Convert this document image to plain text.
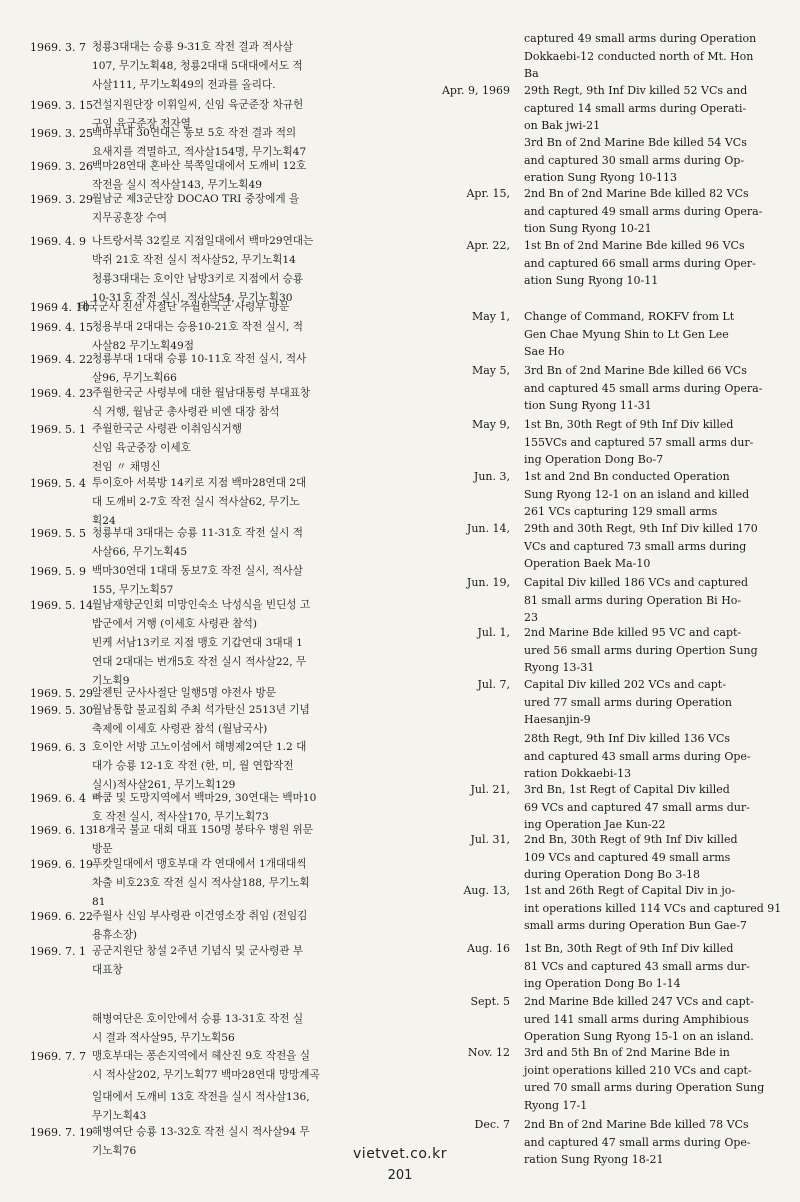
1969. 3. 7 청룡3대대는 승룡 9-31호 작전 결과 적사살
107, 무기노획48, 청룡2대대 5대대에서도 적
사살111, 무기노획49의 전과를 올리다.
1969. 3. 15 건설지원단장 이휘일씨, 신임 육군준장 차규헌
구임 육군준장 전자열
1969. 3. 25 백마부대 30연대는 동보 5호 작전 결과 적의
요새지를 격멸하고, 적사살154명, 무기노획47
1969. 3. 26 백마28연대 혼바산 북쪽일대에서 도깨비 12호
작전을 실시 적사살143, 무기노획49
1969. 3. 29 월남군 제3군단장 DOCAO TRI 중장에게 을
지무공훈장 수여
1969. 4. 9 나트랑서북 32킬로 지점일대에서 백마29연대는
박쥐 21호 작전 실시 적사살52, 무기노획14
청룡3대대는 호이안 남방3키로 지점에서 승룡
10-31호 작전 실시, 적사살54, 무기노획30
1969 4. 10
태국군사 친선 사절단 주월한국군 사령부 방문
1969. 4. 15 청용부대 2대대는 승용10-21호 작전 실시, 적
사살82 무기노획49점
1969. 4. 22 청룡부대 1대대 승룡 10-11호 작전 실시, 적사
살96, 무기노획66
1969. 4. 23 주월한국군 사령부에 대한 월남대통령 부대표창
식 거행, 월남군 총사령관 비엔 대장 참석
1969. 5. 1 주월한국군 사령관 이취임식거행
신임 육군중장 이세호
전임 〃 채명신
1969. 5. 4 투이호아 서북방 14키로 지점 백마28연대 2대
대 도깨비 2-7호 작전 실시 적사살62, 무기노
획24
1969. 5. 5 청룡부대 3대대는 승룡 11-31호 작전 실시 적
사살66, 무기노획45
1969. 5. 9 백마30연대 1대대 동보7호 작전 실시, 적사살
155, 무기노획57
1969. 5. 14 월남재향군인회 미망인숙소 낙성식을 빈딘성 고
밥군에서 거행 (이세호 사령관 참석)
빈케 서남13키로 지점 맹호 기갑연대 3대대 1
연대 2대대는 번개5호 작전 실시 적사살22, 무
기노획9
1969. 5. 29 알젠틴 군사사절단 일행5명 야전사 방문
1969. 5. 30 월남통합 불교집회 주최 석가탄신 2513년 기념
축제에 이세호 사령관 참석 (월남국사)
1969. 6. 3 호이안 서방 고노이섬에서 해병제2여단 1.2 대
대가 승룡 12-1호 작전 (한, 미, 월 연합작전
실시)적사살261, 무기노획129
1969. 6. 4 빠쿰 및 도망지역에서 백마29, 30연대는 백마10
호 작전 실시, 적사살170, 무기노획73
1969. 6. 13 18개국 불교 대회 대표 150명 봉타우 병원 위문
방문
1969. 6. 19 푸캇일대에서 맹호부대 각 연대에서 1개대대씩
차출 비호23호 작전 실시 적사살188, 무기노획
81
1969. 6. 22 주월사 신임 부사령관 이건영소장 취임 (전임김
용휴소장)
1969. 7. 1 공군지원단 창설 2주년 기념식 및 군사령관 부
대표창
해병여단은 호이안에서 승룡 13-31호 작전 실
시 결과 적사살95, 무기노획56
1969. 7. 7 맹호부대는 퐁손지역에서 헤산진 9호 작전을 실
시 적사살202, 무기노획77 백마28연대 망망계곡
일대에서 도깨비 13호 작전을 실시 적사살136,
무기노획43
1969. 7. 19 해병여단 승룡 13-32호 작전 실시 적사살94 무
기노획76
captured 49 small arms during Operation
Dokkaebi-12 conducted north of Mt. Hon
Ba
Apr. 9, 1969 29th Regt, 9th Inf Div killed 52 VCs and
captured 14 small arms during Operati-
on Bak jwi-21
3rd Bn of 2nd Marine Bde killed 54 VCs
and captured 30 small arms during Op-
eration Sung Ryong 10-113
Apr. 15, 2nd Bn of 2nd Marine Bde killed 82 VCs
and captured 49 small arms during Opera-
tion Sung Ryong 10-21
Apr. 22, 1st Bn of 2nd Marine Bde killed 96 VCs
and captured 66 small arms during Oper-
ation Sung Ryong 10-11
May 1, Change of Command, ROKFV from Lt
Gen Chae Myung Shin to Lt Gen Lee
Sae Ho
May 5, 3rd Bn of 2nd Marine Bde killed 66 VCs
and captured 45 small arms during Opera-
tion Sung Ryong 11-31
May 9, 1st Bn, 30th Regt of 9th Inf Div killed
155VCs and captured 57 small arms dur-
ing Operation Dong Bo-7
Jun. 3, 1st and 2nd Bn conducted Operation
Sung Ryong 12-1 on an island and killed
261 VCs capturing 129 small arms
Jun. 14, 29th and 30th Regt, 9th Inf Div killed 170
VCs and captured 73 small arms during
Operation Baek Ma-10
Jun. 19, Capital Div killed 186 VCs and captured
81 small arms during Operation Bi Ho-
23
Jul. 1, 2nd Marine Bde killed 95 VC and capt-
ured 56 small arms during Opertion Sung
Ryong 13-31
Jul. 7, Capital Div killed 202 VCs and capt-
ured 77 small arms during Operation
Haesanjin-9
28th Regt, 9th Inf Div killed 136 VCs
and captured 43 small arms during Ope-
ration Dokkaebi-13
Jul. 21, 3rd Bn, 1st Regt of Capital Div killed
69 VCs and captured 47 small arms dur-
ing Operation Jae Kun-22
Jul. 31, 2nd Bn, 30th Regt of 9th Inf Div killed
109 VCs and captured 49 small arms
during Operation Dong Bo 3-18
Aug. 13, 1st and 26th Regt of Capital Div in jo-
int operations killed 114 VCs and captured 91
small arms during Operation Bun Gae-7
Aug. 16 1st Bn, 30th Regt of 9th Inf Div killed
81 VCs and captured 43 small arms dur-
ing Operation Dong Bo 1-14
Sept. 5 2nd Marine Bde killed 247 VCs and capt-
ured 141 small arms during Amphibious
Operation Sung Ryong 15-1 on an island.
Nov. 12 3rd and 5th Bn of 2nd Marine Bde in
joint operations killed 210 VCs and capt-
ured 70 small arms during Operation Sung
Ryong 17-1
Dec. 7 2nd Bn of 2nd Marine Bde killed 78 VCs
and captured 47 small arms during Ope-
ration Sung Ryong 18-21
vietvet.co.kr
201
